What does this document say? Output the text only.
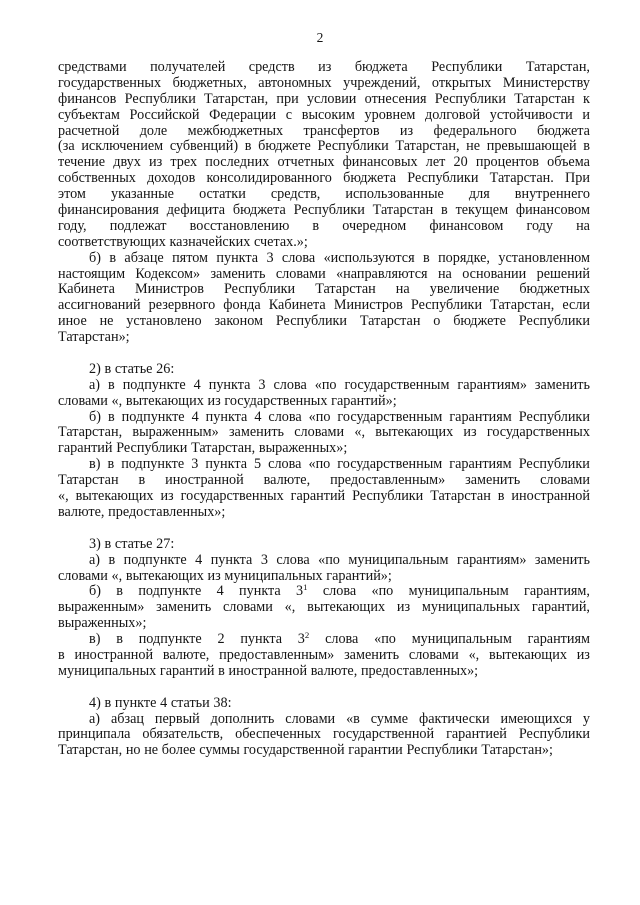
2
средствами получателей средств из бюджета Республики Татарстан,
государственных бюджетных, автономных учреждений, открытых Министерству
финансов Республики Татарстан, при условии отнесения Республики Татарстан к
субъектам Российской Федерации с высоким уровнем долговой устойчивости и
расчетной доле межбюджетных трансфертов из федерального бюджета
(за исключением субвенций) в бюджете Республики Татарстан, не превышающей в
течение двух из трех последних отчетных финансовых лет 20 процентов объема
собственных доходов консолидированного бюджета Республики Татарстан. При
этом указанные остатки средств, использованные для внутреннего
финансирования дефицита бюджета Республики Татарстан в текущем финансовом
году, подлежат восстановлению в очередном финансовом году на
соответствующих казначейских счетах.»;
б) в абзаце пятом пункта 3 слова «используются в порядке, установленном
настоящим Кодексом» заменить словами «направляются на основании решений
Кабинета Министров Республики Татарстан на увеличение бюджетных
ассигнований резервного фонда Кабинета Министров Республики Татарстан, если
иное не установлено законом Республики Татарстан о бюджете Республики
Татарстан»;
2) в статье 26:
а) в подпункте 4 пункта 3 слова «по государственным гарантиям» заменить
словами «, вытекающих из государственных гарантий»;
б) в подпункте 4 пункта 4 слова «по государственным гарантиям Республики
Татарстан, выраженным» заменить словами «, вытекающих из государственных
гарантий Республики Татарстан, выраженных»;
в) в подпункте 3 пункта 5 слова «по государственным гарантиям Республики
Татарстан в иностранной валюте, предоставленным» заменить словами
«, вытекающих из государственных гарантий Республики Татарстан в иностранной
валюте, предоставленных»;
3) в статье 27:
а) в подпункте 4 пункта 3 слова «по муниципальным гарантиям» заменить
словами «, вытекающих из муниципальных гарантий»;
б) в подпункте 4 пункта $3^1$ слова «по муниципальным гарантиям,
выраженным» заменить словами «, вытекающих из муниципальных гарантий,
выраженных»;
в) в подпункте 2 пункта $3^2$ слова «по муниципальным гарантиям
в иностранной валюте, предоставленным» заменить словами «, вытекающих из
муниципальных гарантий в иностранной валюте, предоставленных»;
4) в пункте 4 статьи 38:
а) абзац первый дополнить словами «в сумме фактически имеющихся у
принципала обязательств, обеспеченных государственной гарантией Республики
Татарстан, но не более суммы государственной гарантии Республики Татарстан»;
